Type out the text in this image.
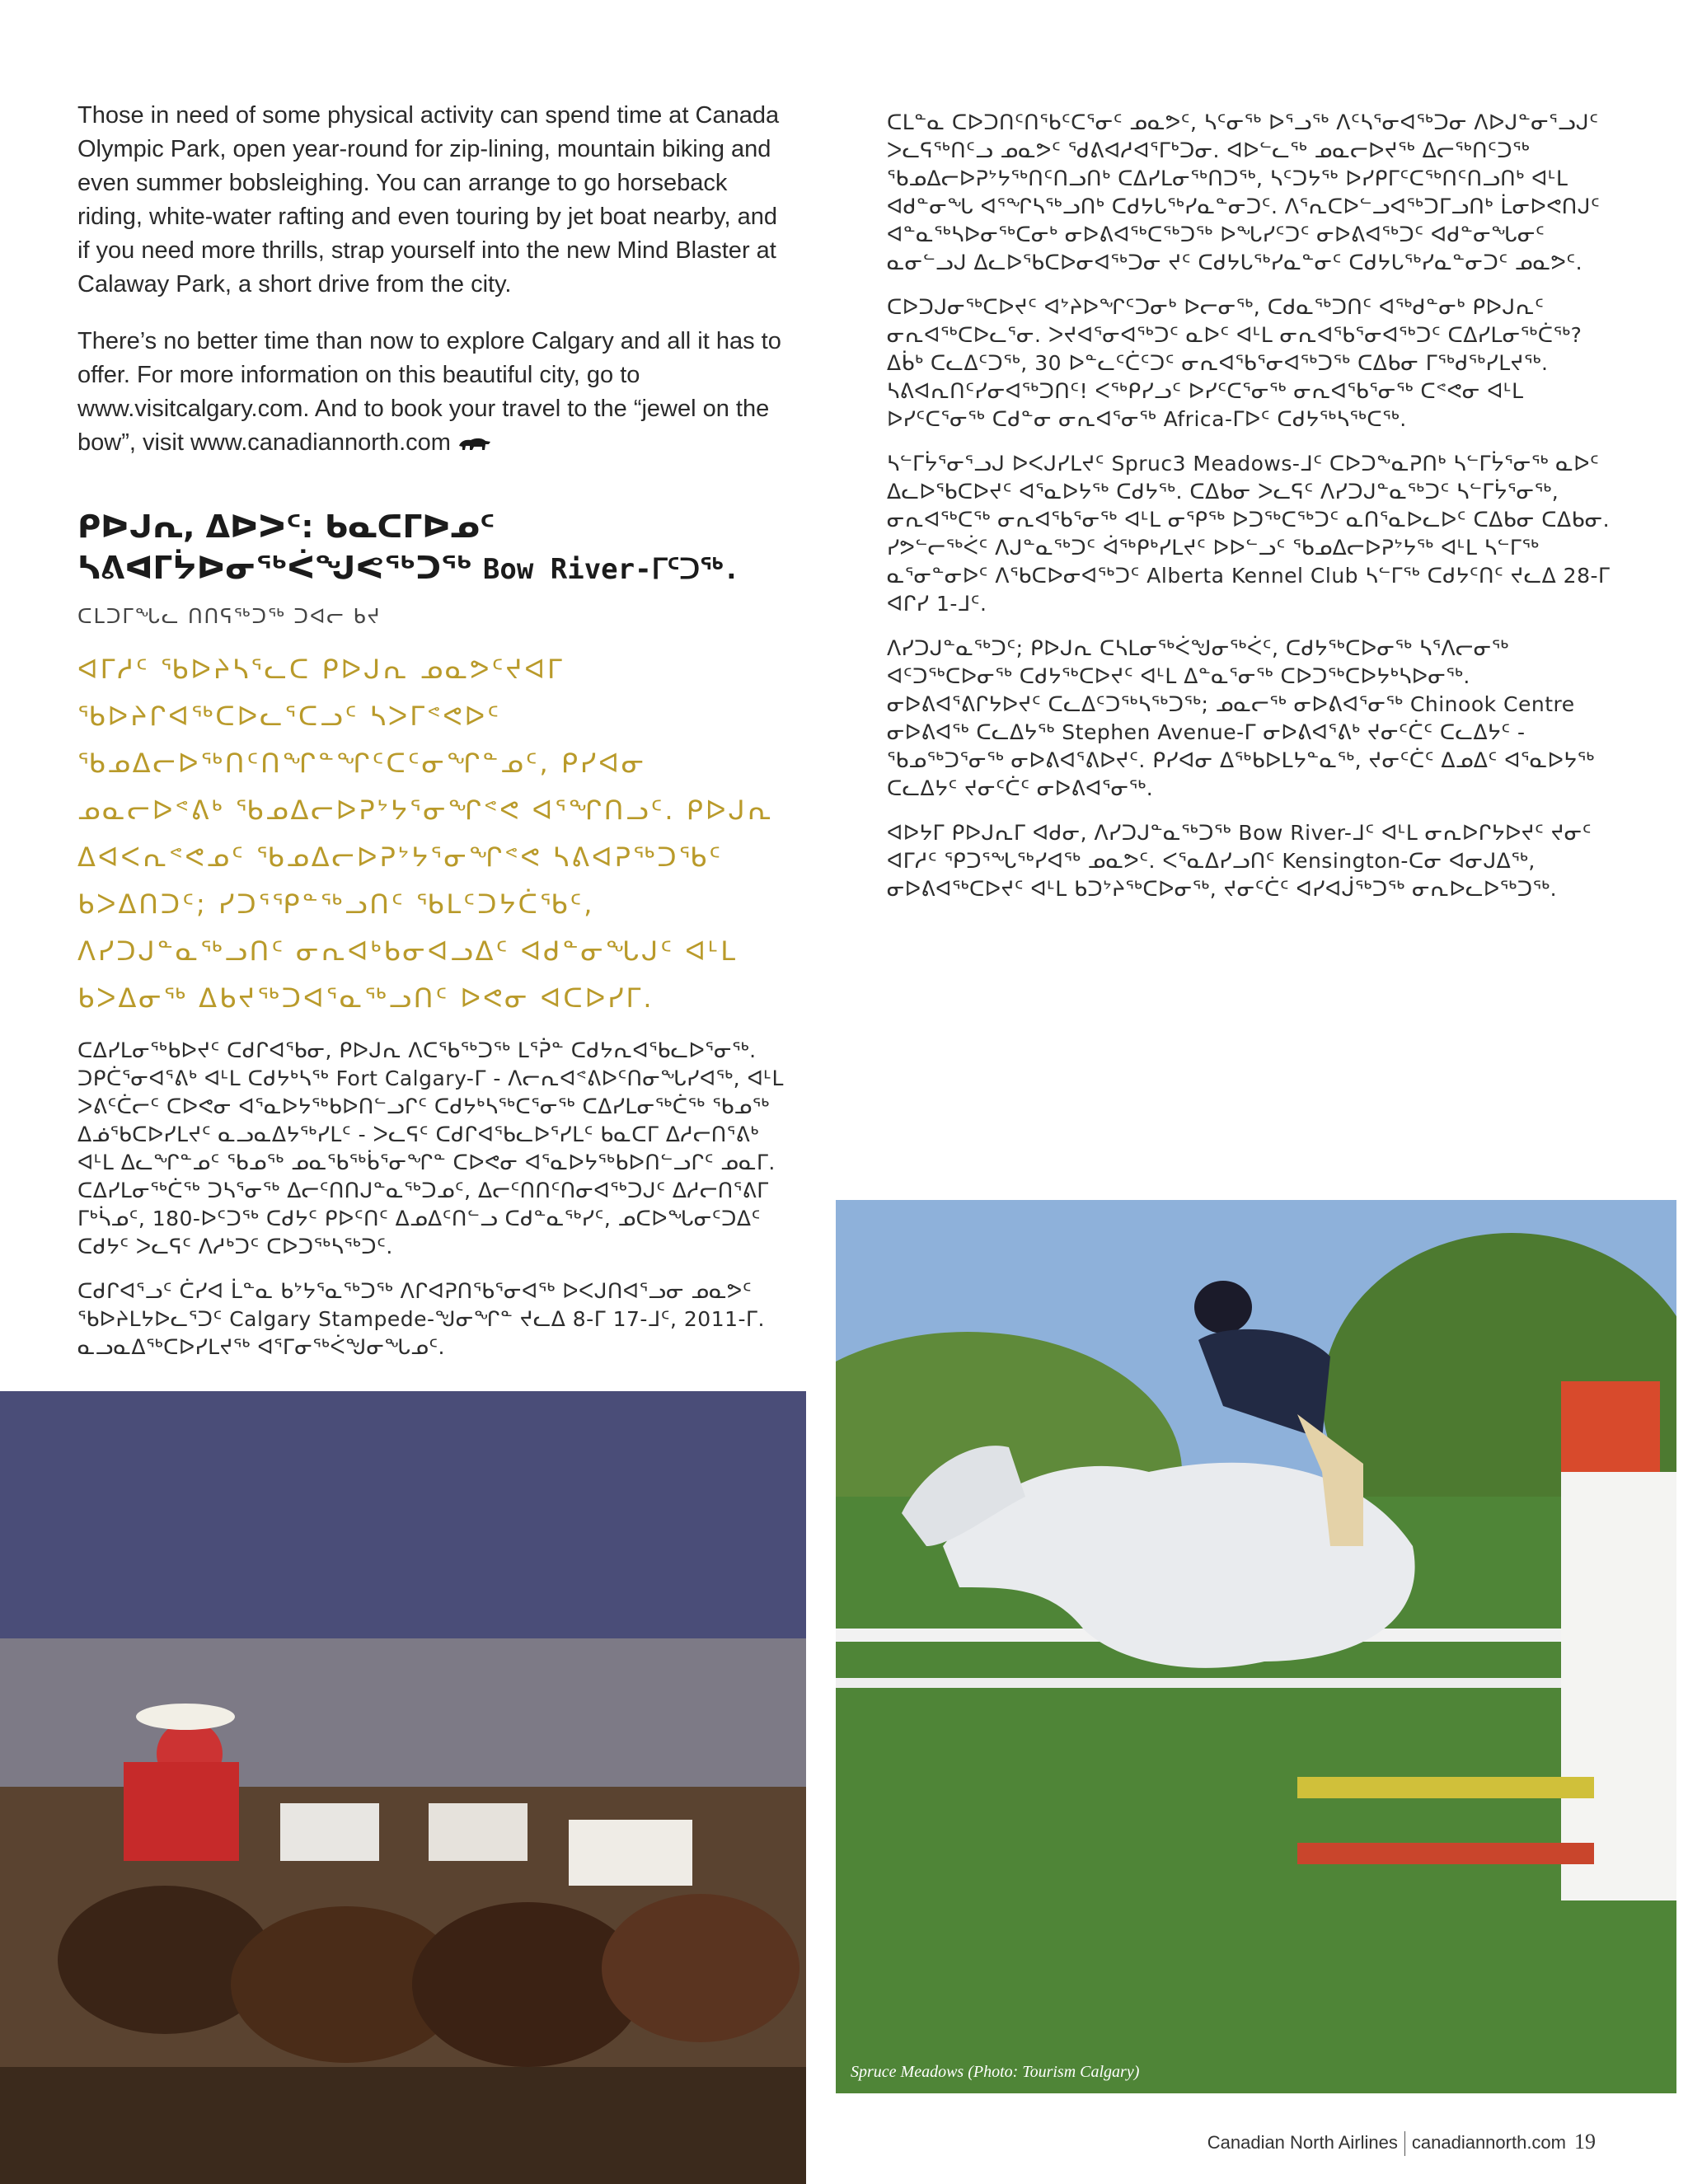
Those in need of some physical activity can spend time at Canada Olympic Park, open year-round for zip-lining, mountain biking and even summer bobsleighing. You can arrange to go horseback riding, white-water rafting and even touring by jet boat nearby, and if you need more thrills, strap yourself into the new Mind Blaster at Calaway Park, a short drive from the city.

There’s no better time than now to explore Calgary and all it has to offer. For more information on this beautiful city, go to www.visitcalgary.com. And to book your travel to the “jewel on the bow”, visit www.canadiannorth.com

ᑭᐅᒍᕆ, ᐃᐅᐳᑦ: ᑲᓇᑕᒥᐅᓄᑦ
ᓴᕕᐊᒥᔮᐅᓂᖅᐹᖑᕙᖅᑐᖅ Bow River-ᒥᑦᑐᖅ.
ᑕᒪᑐᒥᖓᓚ ᑎᑎᕋᖅᑐᖅ ᑐᐊᓕ ᑲᔪ

ᐊᒥᓱᑦ ᖃᐅᔨᓴᕐᓚᑕ ᑭᐅᒍᕆ ᓄᓇᕗᑦᔪᐊᒥ ᖃᐅᔨᒋᐊᖅᑕᐅᓚᕐᑕᓗᑦ ᓴᐳᒥᕝᕙᐅᑦ ᖃᓄᐃᓕᐅᖅᑎᑦᑎᖏᓐᖏᑦᑕᑦᓂᖏᓐᓄᑦ, ᑭᓯᐊᓂ ᓄᓇᓕᐅᕝᕕᒃ ᖃᓄᐃᓕᐅᕈᔾᔭᕐᓂᖏᕝᕙ ᐊᕐᖏᑎᓗᑦ. ᑭᐅᒍᕆ ᐃᐊᐸᕆᕝᕙᓄᑦ ᖃᓄᐃᓕᐅᕈᔾᔭᕐᓂᖏᕝᕙ ᓴᕕᐊᕈᖅᑐᖃᑦ ᑲᐳᐃᑎᑐᑦ; ᓯᑐᕐᕿᓐᖅᓗᑎᑦ ᖃᒪᑦᑐᔭᑖᖃᑦ, ᐱᓯᑐᒍᓐᓇᖅᓗᑎᑦ ᓂᕆᐊᒃᑲᓂᐊᓗᐃᑦ ᐊᑯᓐᓂᖓᒍᑦ ᐊᒻᒪ ᑲᐳᐃᓂᖅ ᐃᑲᔪᖅᑐᐊᕐᓇᖅᓗᑎᑦ ᐅᕙᓂ ᐊᑕᐅᓯᒥ.

ᑕᐃᓯᒪᓂᖅᑲᐅᔪᑦ ᑕᑯᒋᐊᖃᓂ, ᑭᐅᒍᕆ ᐱᑕᖃᖅᑐᖅ ᒪᕐᕉᓐ ᑕᑯᔭᕆᐊᖃᓚᐅᕐᓂᖅ. ᑐᑭᑖᕐᓂᐊᕐᕕᒃ ᐊᒻᒪ ᑕᑯᔭᒃᓴᖅ Fort Calgary-ᒥ - ᐱᓕᕆᐊᕝᕕᐅᑦᑎᓂᖓᓯᐊᖅ, ᐊᒻᒪ ᐳᕕᑦᑖᓕᑦ ᑕᐅᕙᓂ ᐊᕐᓇᐅᔭᖅᑲᐅᑎᓪᓗᒋᑦ ᑕᑯᔭᒃᓴᖅᑕᕐᓂᖅ ᑕᐃᓯᒪᓂᖅᑖᖅ ᖃᓄᖅ ᐃᓅᖃᑕᐅᓯᒪᔪᑦ ᓇᓗᓇᐃᔭᖅᓯᒪᑦ - ᐳᓚᕋᑦ ᑕᑯᒋᐊᖃᓚᐅᕐᓯᒪᑦ ᑲᓇᑕᒥ ᐃᓱᓕᑎᕐᕕᒃ ᐊᒻᒪ ᐃᓚᖏᓐᓄᑦ ᖃᓄᖅ ᓄᓇᖃᖅᑳᕐᓂᖏᓐ ᑕᐅᕙᓂ ᐊᕐᓇᐅᔭᖅᑲᐅᑎᓪᓗᒋᑦ ᓄᓇᒥ. ᑕᐃᓯᒪᓂᖅᑖᖅ ᑐᓴᕐᓂᖅ ᐃᓕᑦᑎᑎᒍᓐᓇᖅᑐᓄᑦ, ᐃᓕᑦᑎᑎᑦᑎᓂᐊᖅᑐᒍᑦ ᐃᓱᓕᑎᕐᕕᒥ ᒥᒃᓵᓄᑦ, 180-ᐅᑦᑐᖅ ᑕᑯᔭᑦ ᑭᐅᑦᑎᑦ ᐃᓄᐃᑦᑎᓪᓗ ᑕᑯᓐᓇᖅᓯᑦ, ᓄᑕᐅᖓᓂᑦᑐᐃᑦ ᑕᑯᔭᑦ ᐳᓚᕋᑦ ᐱᓱᒃᑐᑦ ᑕᐅᑐᖅᓴᖅᑐᑦ.

ᑕᑯᒋᐊᕐᓗᑦ ᑖᓯᐊ ᒫᓐᓇ ᑲᔾᔭᕐᓇᖅᑐᖅ ᐱᒋᐊᕈᑎᖃᕐᓂᐊᖅ ᐅᐸᒍᑎᐊᕐᓗᓂ ᓄᓇᕗᑦ ᖃᐅᔨᒪᔭᐅᓚᕐᑐᑦ Calgary Stampede-ᖑᓂᖏᓐ ᔪᓚᐃ 8-ᒥ 17-ᒧᑦ, 2011-ᒥ. ᓇᓗᓇᐃᖅᑕᐅᓯᒪᔪᖅ ᐊᕐᒥᓂᖅᐹᖑᓂᖓᓄᑦ.

ᑕᒪᓐᓇ ᑕᐅᑐᑎᑦᑎᖃᑦᑕᕐᓂᑦ ᓄᓇᕗᑦ, ᓴᑦᓂᖅ ᐅᕐᓗᖅ ᐱᑦᓴᕐᓂᐊᖅᑐᓂ ᐱᐅᒍᓐᓂᕐᓗᒍᑦ ᐳᓚᕋᖅᑎᑦᓗ ᓄᓇᕗᑦ ᖁᕕᐊᓱᐊᕐᒥᒃᑐᓂ. ᐊᐅᓪᓚᖅ ᓄᓇᓕᐅᔪᖅ ᐃᓕᖅᑎᑦᑐᖅ ᖃᓄᐃᓕᐅᕈᔾᔭᖅᑎᑦᑎᓗᑎᒃ ᑕᐃᓯᒪᓂᖅᑎᑐᖅ, ᓴᑦᑐᔭᖅ ᐅᓯᑭᒥᑦᑕᖅᑎᑦᑎᓗᑎᒃ ᐊᒻᒪ ᐊᑯᓐᓂᖓ ᐊᕐᖏᓴᖅᓗᑎᒃ ᑕᑯᔭᒐᖅᓯᓇᓐᓂᑐᑦ. ᐱᕐᕆᑕᐅᓪᓗᐊᖅᑐᒥᓗᑎᒃ ᒫᓂᐅᕙᑎᒍᑦ ᐊᓐᓇᖅᓴᐅᓂᖅᑕᓂᒃ ᓂᐅᕕᐊᖅᑕᖅᑐᖅ ᐅᖓᓯᑦᑐᑦ ᓂᐅᕕᐊᖅᑐᑦ ᐊᑯᓐᓂᖓᓂᑦ ᓇᓂᓪᓗᒍ ᐃᓚᐅᖃᑕᐅᓂᐊᖅᑐᓂ ᔪᑦ ᑕᑯᔭᒐᖅᓯᓇᓐᓂᑦ ᑕᑯᔭᒐᖅᓯᓇᓐᓂᑐᑦ ᓄᓇᕗᑦ.

ᑕᐅᑐᒍᓂᖅᑕᐅᔪᑦ ᐊᔾᔨᐅᖏᑦᑐᓂᒃ ᐅᓕᓂᖅ, ᑕᑯᓇᖅᑐᑎᑦ ᐊᖅᑯᓐᓂᒃ ᑭᐅᒍᕆᑦ ᓂᕆᐊᖅᑕᐅᓚᕐᓂ. ᐳᔪᐊᕐᓂᐊᖅᑐᑦ ᓇᐅᑦ ᐊᒻᒪ ᓂᕆᐊᖃᕐᓂᐊᖅᑐᑦ ᑕᐃᓯᒪᓂᖅᑖᖅ? ᐃᑳᒃ ᑕᓚᐃᑦᑐᖅ, 30 ᐅᓐᓚᑦᑖᑦᑐᑦ ᓂᕆᐊᖃᕐᓂᐊᖅᑐᖅ ᑕᐃᑲᓂ ᒥᖅᑯᖅᓯᒪᔪᖅ. ᓴᕕᐊᕆᑎᑦᓯᓂᐊᖅᑐᑎᑦ! ᐸᖅᑭᓯᓗᑦ ᐅᓯᑦᑕᕐᓂᖅ ᓂᕆᐊᖃᕐᓂᖅ ᑕᕝᕙᓂ ᐊᒻᒪ ᐅᓯᑦᑕᕐᓂᖅ ᑕᑯᓐᓂ ᓂᕆᐊᕐᓂᖅ Africa-ᒥᐅᑦ ᑕᑯᔭᖅᓴᖅᑕᖅ.

ᓴᓪᒥᔮᕐᓂᕐᓗᒍ ᐅᐸᒍᓯᒪᔪᑦ Spruc3 Meadows-ᒧᑦ ᑕᐅᑐᖕᓇᕈᑎᒃ ᓴᓪᒥᔮᕐᓂᖅ ᓇᐅᑦ ᐃᓚᐅᖃᑕᐅᔪᑦ ᐊᕐᓇᐅᔭᖅ ᑕᑯᔭᖅ. ᑕᐃᑲᓂ ᐳᓚᕋᑦ ᐱᓯᑐᒍᓐᓇᖅᑐᑦ ᓴᓪᒥᔮᕐᓂᖅ, ᓂᕆᐊᖅᑕᖅ ᓂᕆᐊᖃᕐᓂᖅ ᐊᒻᒪ ᓂᕿᖅ ᐅᑐᖅᑕᖅᑐᑦ ᓇᑎᕐᓇᐅᓚᐅᑦ ᑕᐃᑲᓂ ᑕᐃᑲᓂ. ᓯᕗᓪᓕᖅᐹᑦ ᐱᒍᓐᓇᖅᑐᑦ ᐋᖅᑭᒃᓯᒪᔪᑦ ᐅᐅᓪᓗᑦ ᖃᓄᐃᓕᐅᕈᔾᔭᖅ ᐊᒻᒪ ᓴᓪᒥᖅ ᓇᕐᓂᓐᓂᐅᑦ ᐱᖃᑕᐅᓂᐊᖅᑐᑦ Alberta Kennel Club ᓴᓪᒥᖅ ᑕᑯᔭᑦᑎᑦ ᔪᓚᐃ 28-ᒥ ᐊᒋᓯ 1-ᒧᑦ.

ᐱᓯᑐᒍᓐᓇᖅᑐᑦ; ᑭᐅᒍᕆ ᑕᓴᒪᓂᖅᐹᖑᓂᖅᐹᑦ, ᑕᑯᔭᖅᑕᐅᓂᖅ ᓴᕐᐱᓕᓂᖅ ᐊᑦᑐᖅᑕᐅᓂᖅ ᑕᑯᔭᖅᑕᐅᔪᑦ ᐊᒻᒪ ᐃᓐᓇᕐᓂᖅ ᑕᐅᑐᖅᑕᐅᔭᒃᓴᐅᓂᖅ. ᓂᐅᕕᐊᕐᕕᒋᔭᐅᔪᑦ ᑕᓚᐃᑦᑐᖅᓴᖅᑐᖅ; ᓄᓇᓕᖅ ᓂᐅᕕᐊᕐᓂᖅ Chinook Centre ᓂᐅᕕᐊᖅ ᑕᓚᐃᔭᖅ Stephen Avenue-ᒥ ᓂᐅᕕᐊᕐᕕᒃ ᔪᓂᑦᑖᑦ ᑕᓚᐃᔭᑦ - ᖃᓄᖅᑐᕐᓂᖅ ᓂᐅᕕᐊᕐᕕᐅᔪᑦ. ᑭᓯᐊᓂ ᐃᖅᑲᐅᒪᔭᓐᓇᖅ, ᔪᓂᑦᑖᑦ ᐃᓄᐃᑦ ᐊᕐᓇᐅᔭᖅ ᑕᓚᐃᔭᑦ ᔪᓂᑦᑖᑦ ᓂᐅᕕᐊᕐᓂᖅ.

ᐊᐅᔭᒥ ᑭᐅᒍᕆᒥ ᐊᑯᓂ, ᐱᓯᑐᒍᓐᓇᖅᑐᖅ Bow River-ᒧᑦ ᐊᒻᒪ ᓂᕆᐅᒋᔭᐅᔪᑦ ᔪᓂᑦ ᐊᒥᓱᑦ ᕿᑐᕐᖓᖅᓯᐊᖅ ᓄᓇᕗᑦ. ᐸᕐᓇᐃᓯᓗᑎᑦ Kensington-ᑕᓂ ᐊᓂᒍᐃᖅ, ᓂᐅᕕᐊᖅᑕᐅᔪᑦ ᐊᒻᒪ ᑲᑐᔾᔨᖅᑕᐅᓂᖅ, ᔪᓂᑦᑖᑦ ᐊᓯᐊᒎᖅᑐᖅ ᓂᕆᐅᓚᐅᖅᑐᖅ.

Spruce Meadows (Photo: Tourism Calgary)
Canadian North Airlines canadiannorth.com 19
